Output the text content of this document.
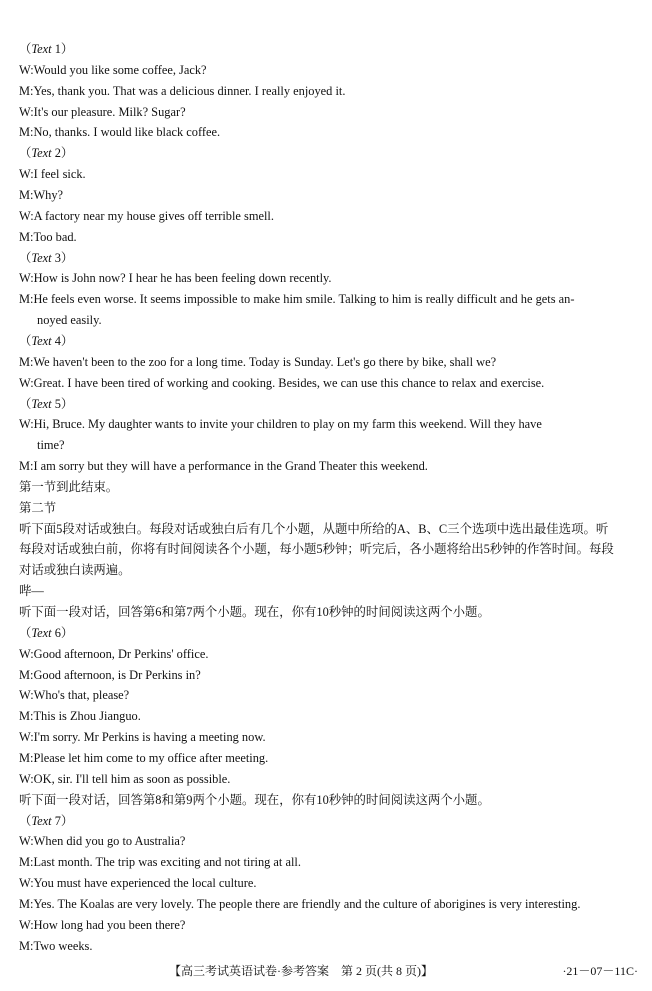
（Text 1）
W:Would you like some coffee, Jack?
M:Yes, thank you. That was a delicious dinner. I really enjoyed it.
W:It's our pleasure. Milk? Sugar?
M:No, thanks. I would like black coffee.
（Text 2）
W:I feel sick.
M:Why?
W:A factory near my house gives off terrible smell.
M:Too bad.
（Text 3）
W:How is John now? I hear he has been feeling down recently.
M:He feels even worse. It seems impossible to make him smile. Talking to him is really difficult and he gets an-
noyed easily.
（Text 4）
M:We haven't been to the zoo for a long time. Today is Sunday. Let's go there by bike, shall we?
W:Great. I have been tired of working and cooking. Besides, we can use this chance to relax and exercise.
（Text 5）
W:Hi, Bruce. My daughter wants to invite your children to play on my farm this weekend. Will they have
time?
M:I am sorry but they will have a performance in the Grand Theater this weekend.
第一节到此结束。
第二节
听下面5段对话或独白。每段对话或独白后有几个小题，从题中所给的A、B、C三个选项中选出最佳选项。听
每段对话或独白前，你将有时间阅读各个小题，每小题5秒钟；听完后，各小题将给出5秒钟的作答时间。每段
对话或独白读两遍。
哔—
听下面一段对话，回答第6和第7两个小题。现在，你有10秒钟的时间阅读这两个小题。
（Text 6）
W:Good afternoon, Dr Perkins' office.
M:Good afternoon, is Dr Perkins in?
W:Who's that, please?
M:This is Zhou Jianguo.
W:I'm sorry. Mr Perkins is having a meeting now.
M:Please let him come to my office after meeting.
W:OK, sir. I'll tell him as soon as possible.
听下面一段对话，回答第8和第9两个小题。现在，你有10秒钟的时间阅读这两个小题。
（Text 7）
W:When did you go to Australia?
M:Last month. The trip was exciting and not tiring at all.
W:You must have experienced the local culture.
M:Yes. The Koalas are very lovely. The people there are friendly and the culture of aborigines is very interesting.
W:How long had you been there?
M:Two weeks.
【高三考试英语试卷·参考答案　第 2 页(共 8 页)】	·21－07－11C·
